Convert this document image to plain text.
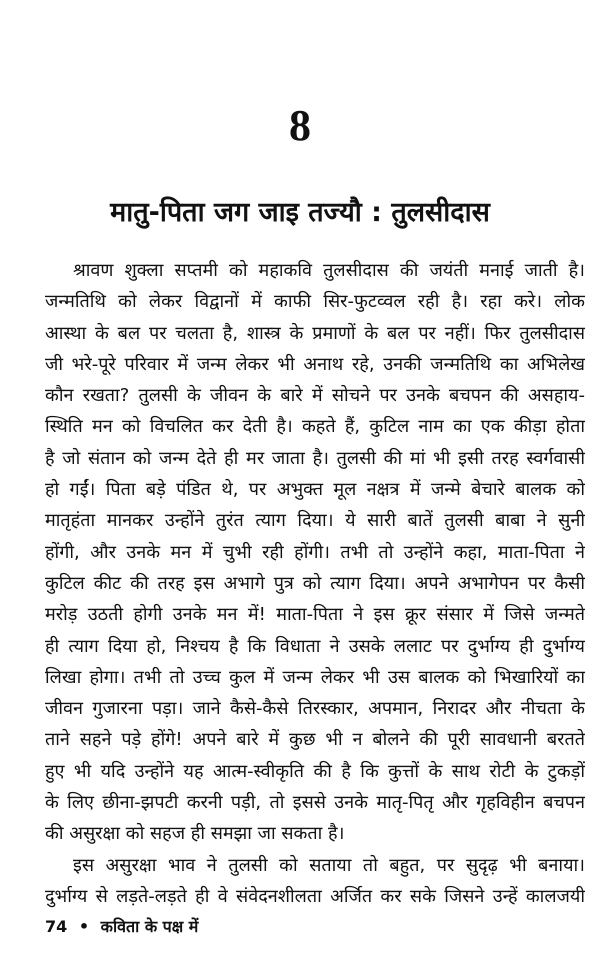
8
मातु-पिता जग जाइ तज्यौ : तुलसीदास
श्रावण शुक्ला सप्तमी को महाकवि तुलसीदास की जयंती मनाई जाती है।
जन्मतिथि को लेकर विद्वानों में काफी सिर-फुटव्वल रही है। रहा करे। लोक
आस्था के बल पर चलता है, शास्त्र के प्रमाणों के बल पर नहीं। फिर तुलसीदास
जी भरे-पूरे परिवार में जन्म लेकर भी अनाथ रहे, उनकी जन्मतिथि का अभिलेख
कौन रखता? तुलसी के जीवन के बारे में सोचने पर उनके बचपन की असहाय-
स्थिति मन को विचलित कर देती है। कहते हैं, कुटिल नाम का एक कीड़ा होता
है जो संतान को जन्म देते ही मर जाता है। तुलसी की मां भी इसी तरह स्वर्गवासी
हो गईं। पिता बड़े पंडित थे, पर अभुक्त मूल नक्षत्र में जन्मे बेचारे बालक को
मातृहंता मानकर उन्होंने तुरंत त्याग दिया। ये सारी बातें तुलसी बाबा ने सुनी
होंगी, और उनके मन में चुभी रही होंगी। तभी तो उन्होंने कहा, माता-पिता ने
कुटिल कीट की तरह इस अभागे पुत्र को त्याग दिया। अपने अभागेपन पर कैसी
मरोड़ उठती होगी उनके मन में! माता-पिता ने इस क्रूर संसार में जिसे जन्मते
ही त्याग दिया हो, निश्चय है कि विधाता ने उसके ललाट पर दुर्भाग्य ही दुर्भाग्य
लिखा होगा। तभी तो उच्च कुल में जन्म लेकर भी उस बालक को भिखारियों का
जीवन गुजारना पड़ा। जाने कैसे-कैसे तिरस्कार, अपमान, निरादर और नीचता के
ताने सहने पड़े होंगे! अपने बारे में कुछ भी न बोलने की पूरी सावधानी बरतते
हुए भी यदि उन्होंने यह आत्म-स्वीकृति की है कि कुत्तों के साथ रोटी के टुकड़ों
के लिए छीना-झपटी करनी पड़ी, तो इससे उनके मातृ-पितृ और गृहविहीन बचपन
की असुरक्षा को सहज ही समझा जा सकता है।
इस असुरक्षा भाव ने तुलसी को सताया तो बहुत, पर सुदृढ़ भी बनाया।
दुर्भाग्य से लड़ते-लड़ते ही वे संवेदनशीलता अर्जित कर सके जिसने उन्हें कालजयी
74 • कविता के पक्ष में
